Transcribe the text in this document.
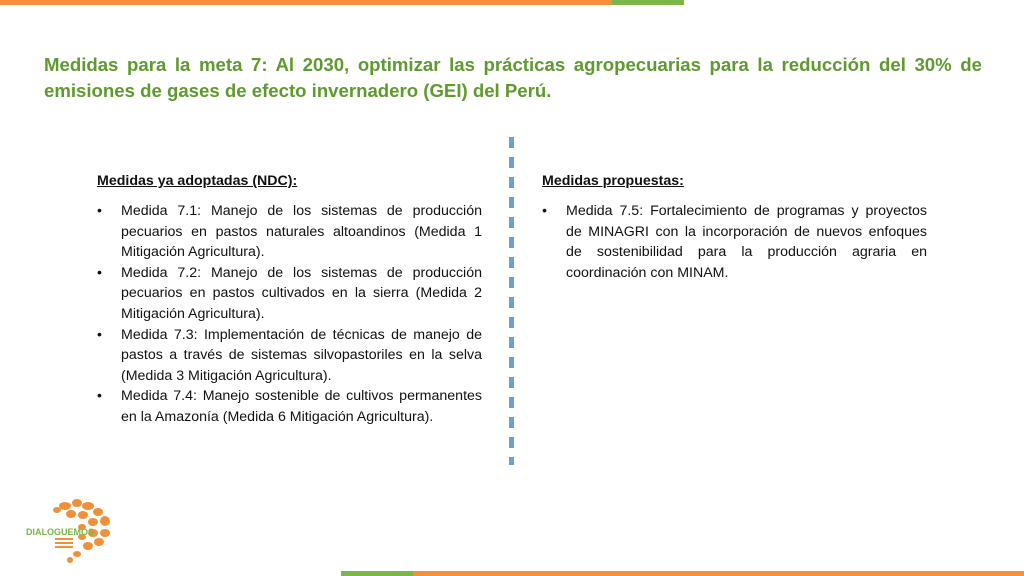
Medidas para la meta 7: Al 2030, optimizar las prácticas agropecuarias para la reducción del 30% de emisiones de gases de efecto invernadero (GEI) del Perú.
Medidas ya adoptadas (NDC):
• Medida 7.1: Manejo de los sistemas de producción pecuarios en pastos naturales altoandinos (Medida 1 Mitigación Agricultura).
• Medida 7.2: Manejo de los sistemas de producción pecuarios en pastos cultivados en la sierra (Medida 2 Mitigación Agricultura).
• Medida 7.3: Implementación de técnicas de manejo de pastos a través de sistemas silvopastoriles en la selva (Medida 3 Mitigación Agricultura).
• Medida 7.4: Manejo sostenible de cultivos permanentes en la Amazonía (Medida 6 Mitigación Agricultura).
Medidas propuestas:
• Medida 7.5: Fortalecimiento de programas y proyectos de MINAGRI con la incorporación de nuevos enfoques de sostenibilidad para la producción agraria en coordinación con MINAM.
DIALOGUEMOS
